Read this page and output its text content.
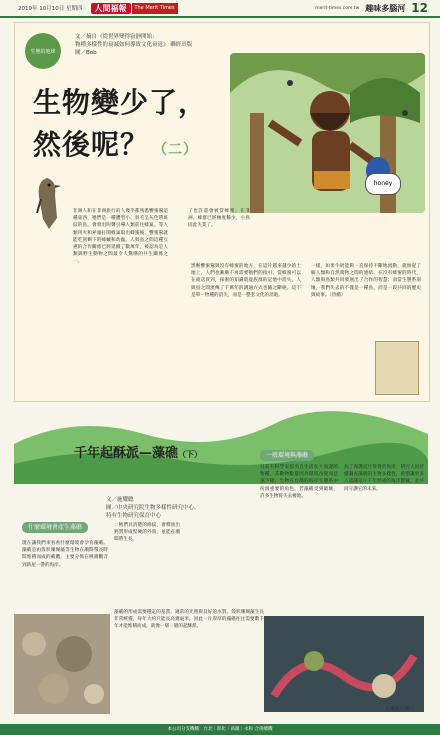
2019年 10月10日 星期四	人間福報	The Merit Times	merit-times.com.tw 趣味多腦河 12
生態的地球
文／摘自《從世界變得寂靜開始：
物種多樣性的衰減如何導致文化衰退》 聯經出版
圖／Bob
生物變少了，
然後呢？ （二）
honey
非洲人和在非洲旅行的人幾乎都熟悉響蜜鴷這種東西，牠們是一種體型小、羽毛呈灰色帶斑紋的鳥，會發出叫聲引導人類前往蜂巢。等人類用火和斧頭打開蜂巢取出蜂蜜後，響蜜鴷就能吃到剩下的蜂蠟和幼蟲。人與鳥之間這種互惠的合作關係已經延續了數萬年，被認為是人類與野生動物之間最令人驚嘆的共生關係之一。
了也許還會被當蜂蜜。在非洲，蜂群已經極度稀少，小鳥因此失業了。
黑喉響蜜鴷與沒有蜂蜜的地方，在這片越來越少的土地上，人們也漸漸不再需要牠們的指引。當蜂蜜可以在商店買到，採蜜的知識就從族群的記憶中消失，人與鳥之間流傳了千萬年的溝通方式也隨之斷絕。這不是單一物種的消失，而是一整套文化的消逝。
一樣，如果牛奶能夠一直保持不斷地流動，就無從了解人類和自然萬物之間的連結。在沒有蜂蜜的時代，人類與鳥類共同發展出了合作的智慧；而當生態系崩壞，我們失去的不僅是一種鳥，而是一段共同的歷史與故事。（待續）
千年起酥派—藻礁（下）
文／施耀聰
圖／中央研究院生物多樣性研究中心、
特有生物研究保育中心
什麼環境會產生藻礁
一般環境與藻礁
現在讓我們來看看什麼環境會孕育藻礁。藻礁是由殼狀珊瑚藻等生物在潮間帶長時間堆積而成的礁體，主要分佈在桃園觀音到新屋一帶的海岸。
：牠們具清楚的條紋，會釋放出鈣質形成堅硬的外殼，並能在潮間帶生長。
藻礁的形成需要穩定的基質、適當的光照與良好的水質。殼狀珊瑚藻生長非常緩慢，每年大約只能長高幾毫米，因此一片厚厚的藻礁往往需要數千年才能堆積而成，就像一層一層的起酥派。
目前有科學家提出自生活在大海邊的物種，其動物數量因為環境改變而急速下降。生物在台灣的海岸生態系中扮演重要的角色，若藻礁受到破壞，許多生物將失去棲地。
為了保護這片珍貴的海岸，研究人員持續調查藻礁的生物多樣性，希望讓更多人認識這片千年形成的海洋寶藏，並共同守護它的未來。
紅藻照片/圖片
本公司分支機構：台北｜彰化｜高雄｜永和 合併總機
